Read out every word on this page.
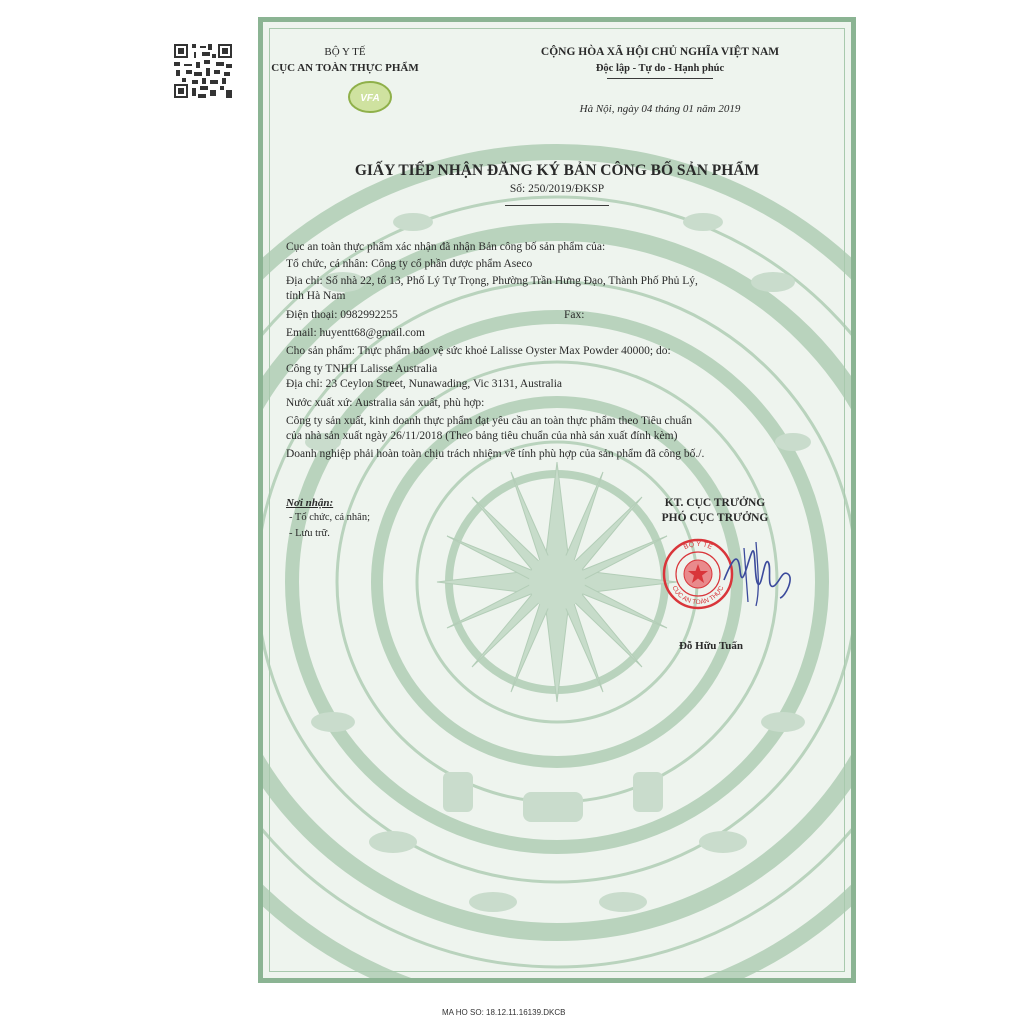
BỘ Y TẾ
CỤC AN TOÀN THỰC PHẨM
VFA
CỘNG HÒA XÃ HỘI CHỦ NGHĨA VIỆT NAM
Độc lập - Tự do - Hạnh phúc
Hà Nội, ngày 04 tháng 01 năm 2019
GIẤY TIẾP NHẬN ĐĂNG KÝ BẢN CÔNG BỐ SẢN PHẨM
Số: 250/2019/ĐKSP
Cục an toàn thực phẩm xác nhận đã nhận Bản công bố sản phẩm của:
Tổ chức, cá nhân: Công ty cổ phần dược phẩm Aseco
Địa chỉ: Số nhà 22, tổ 13, Phố Lý Tự Trọng, Phường Trần Hưng Đạo, Thành Phố Phủ Lý,
tỉnh Hà Nam
Điện thoại: 0982992255	Fax:
Email: huyentt68@gmail.com
Cho sản phẩm: Thực phẩm bảo vệ sức khoẻ Lalisse Oyster Max Powder 40000; do:
Công ty TNHH Lalisse Australia
Địa chỉ: 23 Ceylon Street, Nunawading, Vic 3131, Australia
Nước xuất xứ: Australia sản xuất, phù hợp:
Công ty sản xuất, kinh doanh thực phẩm đạt yêu cầu an toàn thực phẩm theo Tiêu chuẩn
của nhà sản xuất ngày 26/11/2018 (Theo bảng tiêu chuẩn của nhà sản xuất đính kèm)
Doanh nghiệp phải hoàn toàn chịu trách nhiệm về tính phù hợp của sản phẩm đã công bố./.
Nơi nhận:
- Tổ chức, cá nhân;
- Lưu trữ.
KT. CỤC TRƯỞNG
PHÓ CỤC TRƯỞNG
BỘ Y TẾ
CỤC AN TOÀN THỰC
Đỗ Hữu Tuấn
MA HO SO: 18.12.11.16139.DKCB
